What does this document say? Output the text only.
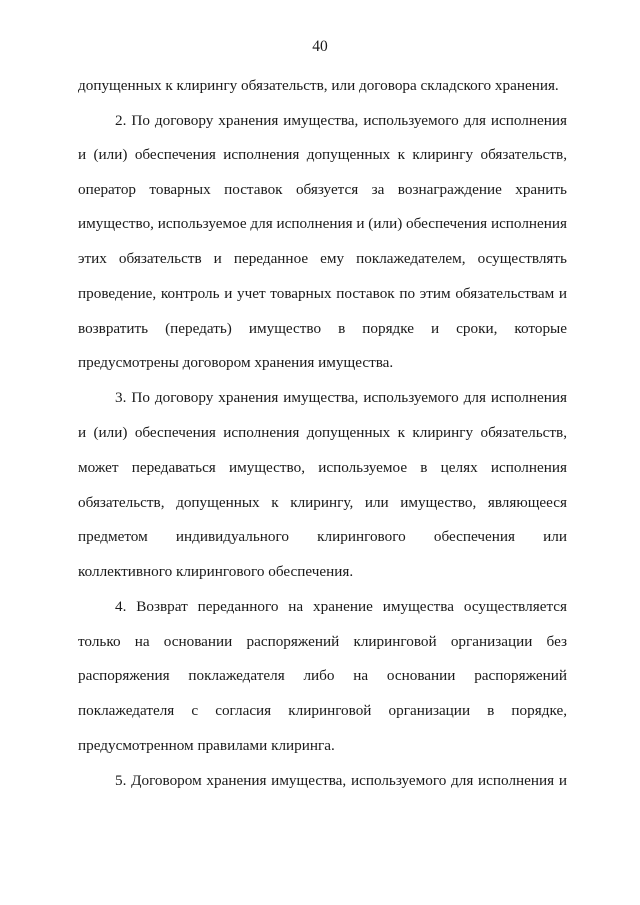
40
допущенных к клирингу обязательств, или договора складского хранения.
2. По договору хранения имущества, используемого для исполнения
и (или) обеспечения исполнения допущенных к клирингу обязательств,
оператор товарных поставок обязуется за вознаграждение хранить
имущество, используемое для исполнения и (или) обеспечения исполнения
этих обязательств и переданное ему поклажедателем, осуществлять
проведение, контроль и учет товарных поставок по этим обязательствам и
возвратить (передать) имущество в порядке и сроки, которые
предусмотрены договором хранения имущества.
3. По договору хранения имущества, используемого для исполнения
и (или) обеспечения исполнения допущенных к клирингу обязательств,
может передаваться имущество, используемое в целях исполнения
обязательств, допущенных к клирингу, или имущество, являющееся
предметом индивидуального клирингового обеспечения или
коллективного клирингового обеспечения.
4. Возврат переданного на хранение имущества осуществляется
только на основании распоряжений клиринговой организации без
распоряжения поклажедателя либо на основании распоряжений
поклажедателя с согласия клиринговой организации в порядке,
предусмотренном правилами клиринга.
5. Договором хранения имущества, используемого для исполнения и
